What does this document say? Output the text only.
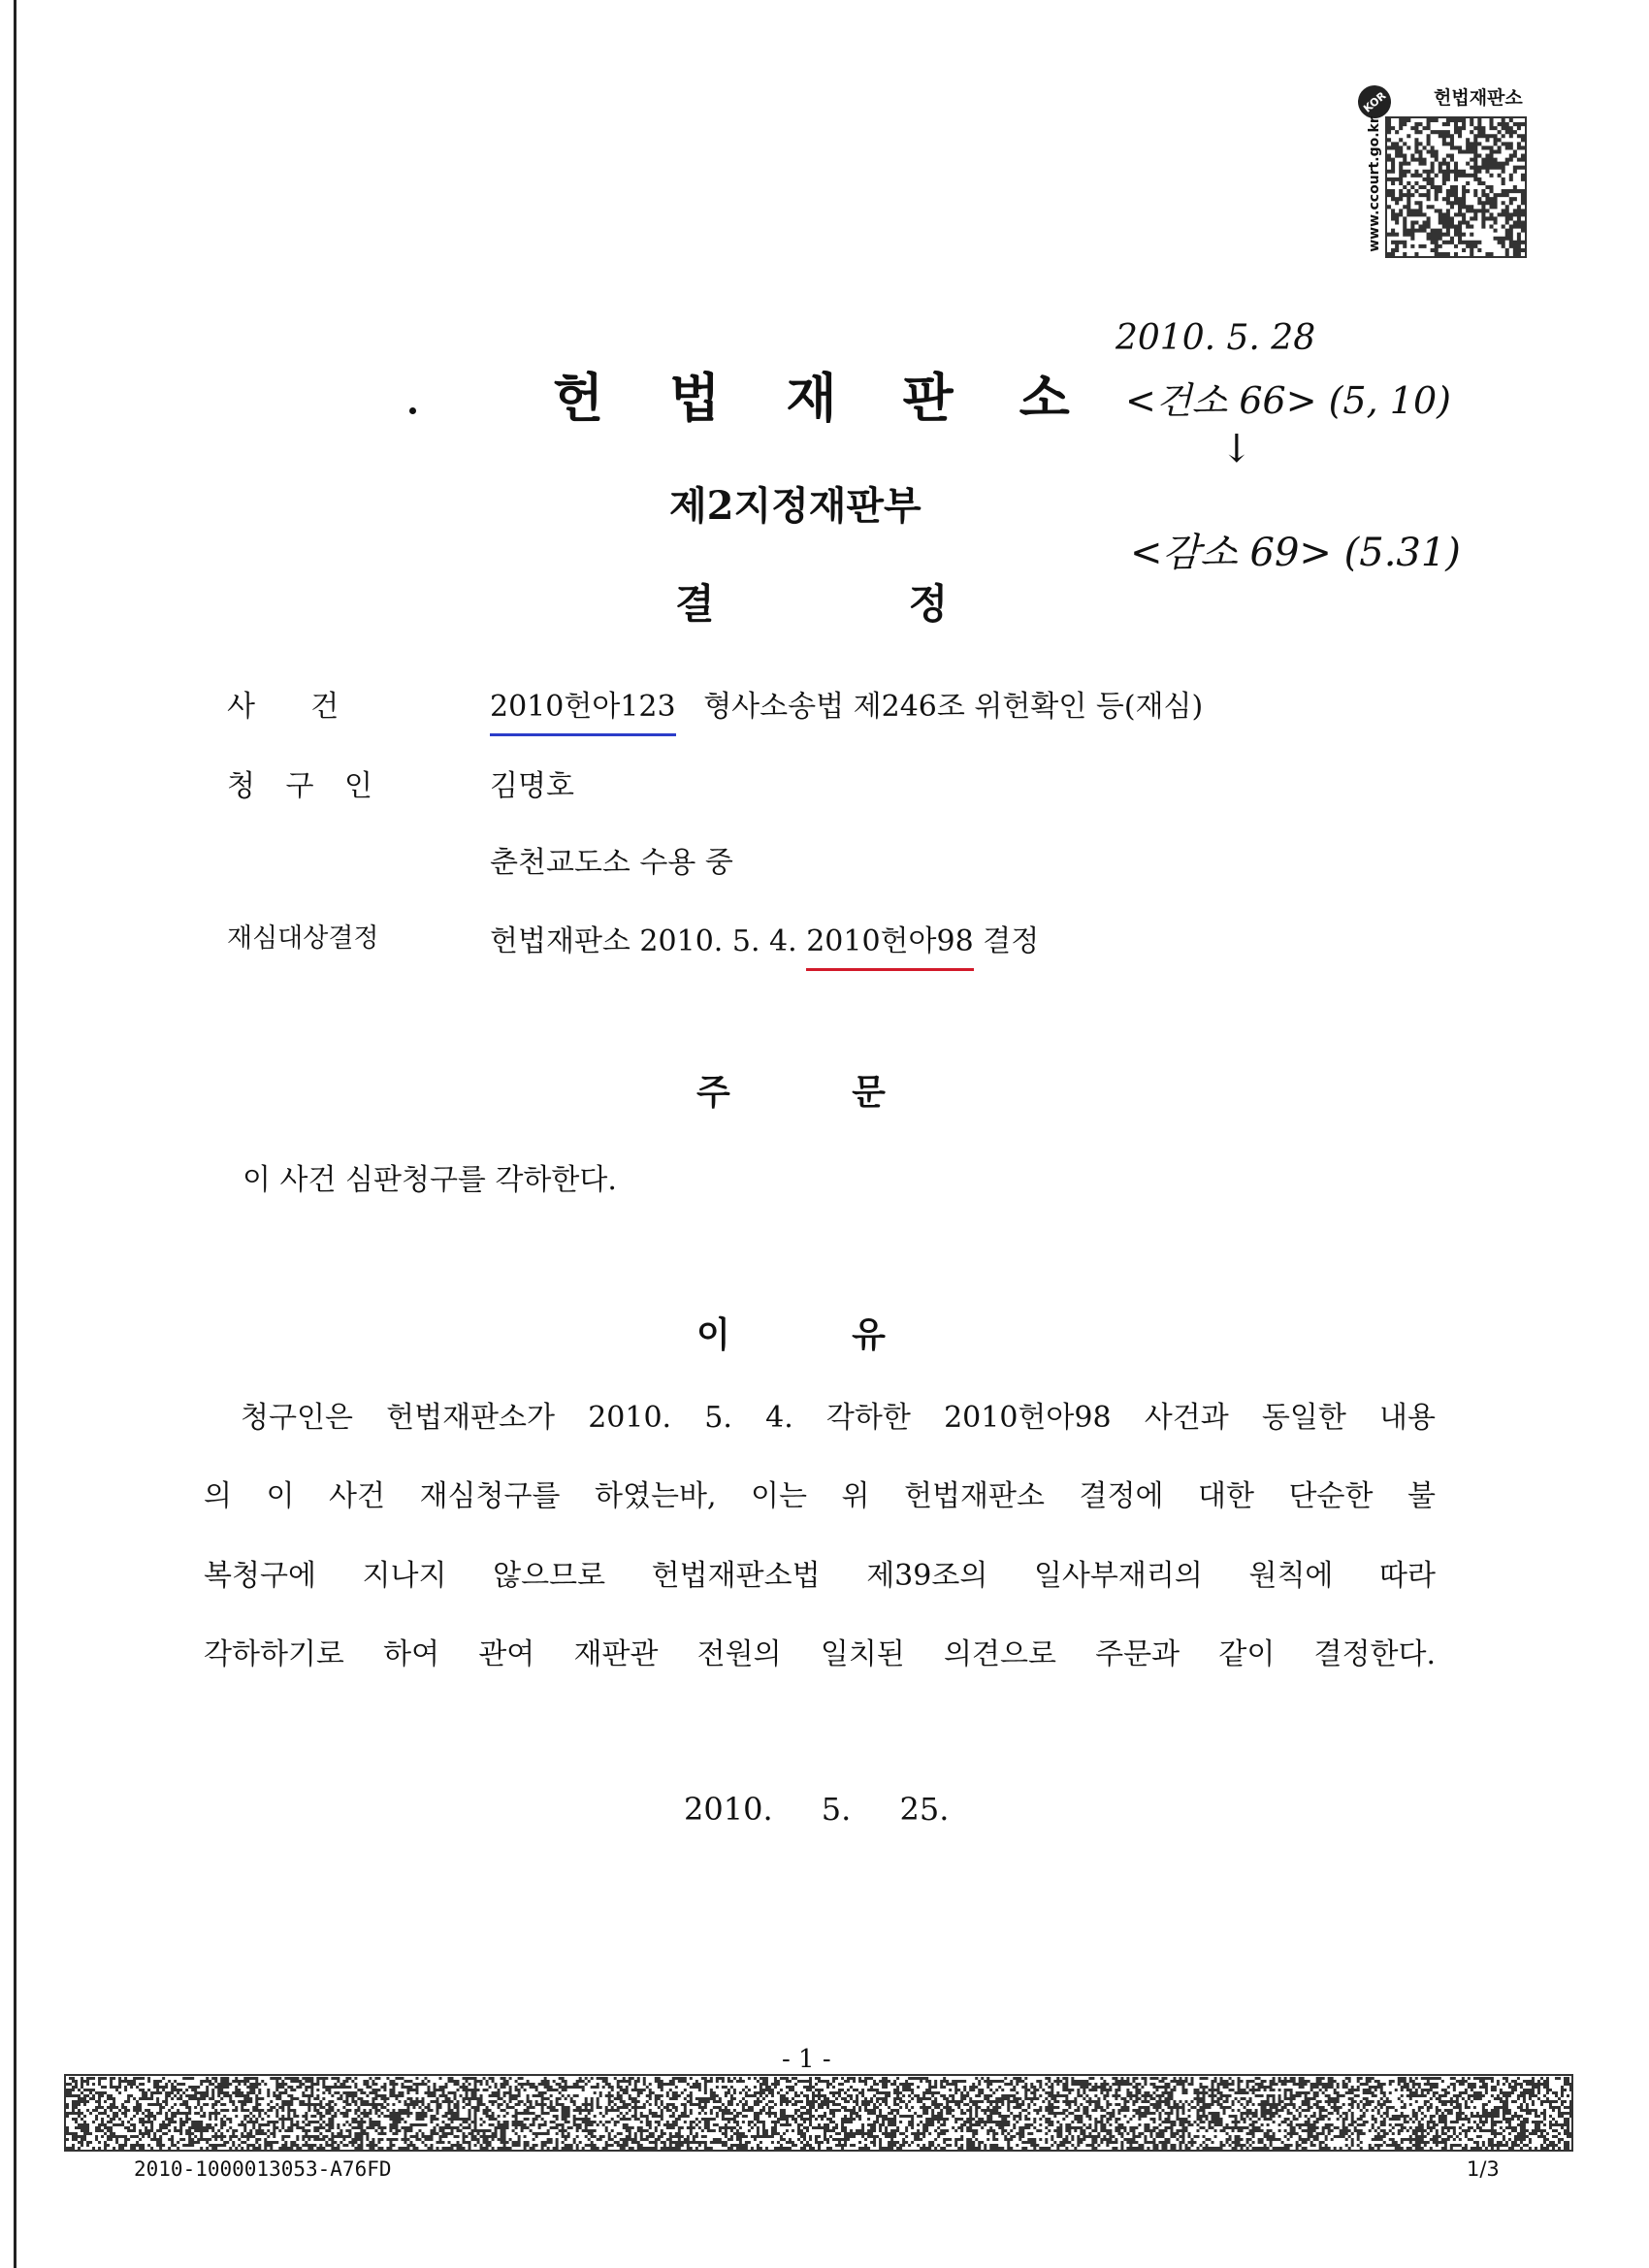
KOR	헌법재판소
www.ccourt.go.kr
2010. 5. 28
<건소 66> (5, 10)
↓
<감소 69> (5.31)
헌법재판소
제2지정재판부
결정
사      건	2010헌아123 형사소송법 제246조 위헌확인 등(재심)
청 구 인	김명호
춘천교도소 수용 중
재심대상결정	헌법재판소 2010. 5. 4. 2010헌아98 결정
주          문
이 사건 심판청구를 각하한다.
이          유
청구인은 헌법재판소가 2010. 5. 4. 각하한 2010헌아98 사건과 동일한 내용
의 이 사건 재심청구를 하였는바, 이는 위 헌법재판소 결정에 대한 단순한 불
복청구에 지나지 않으므로 헌법재판소법 제39조의 일사부재리의 원칙에 따라
각하하기로 하여 관여 재판관 전원의 일치된 의견으로 주문과 같이 결정한다.
2010. 5. 25.
- 1 -
2010-1000013053-A76FD	1/3
